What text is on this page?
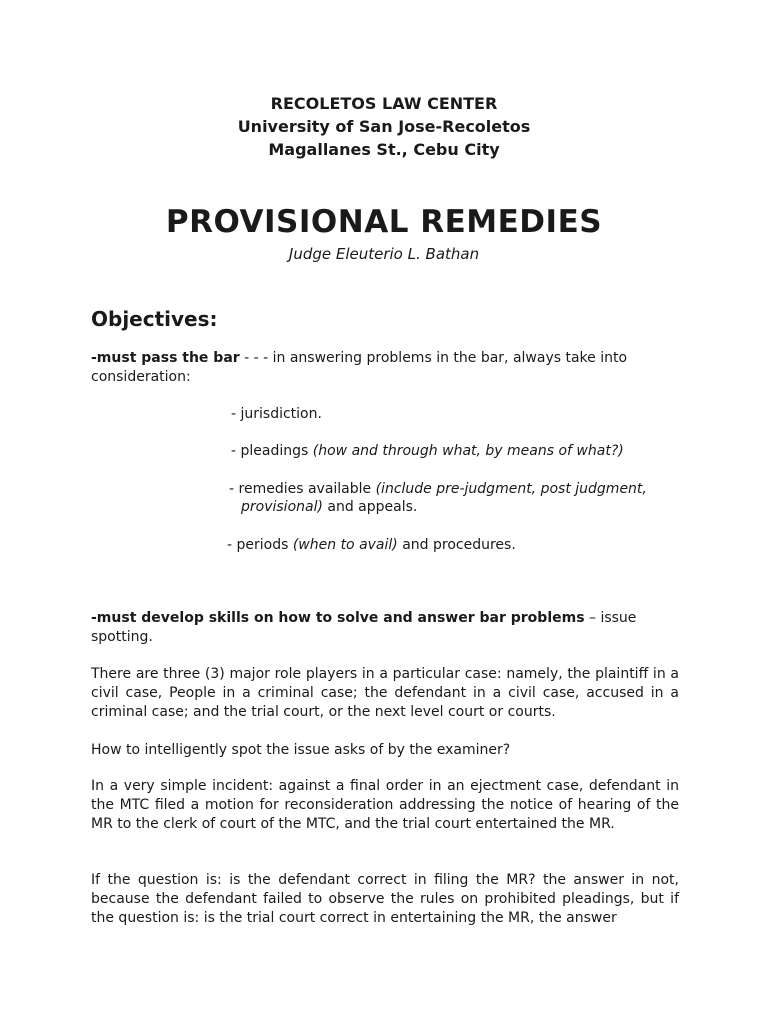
RECOLETOS LAW CENTER
University of San Jose-Recoletos
Magallanes St., Cebu City
PROVISIONAL REMEDIES
Judge Eleuterio L. Bathan
Objectives:
-must pass the bar - - - in answering problems in the bar, always take into consideration:
- jurisdiction.
- pleadings (how and through what, by means of what?)
- remedies available (include pre-judgment, post judgment,
provisional) and appeals.
- periods (when to avail) and procedures.
-must develop skills on how to solve and answer bar problems – issue spotting.
There are three (3) major role players in a particular case: namely, the plaintiff in a civil case, People in a criminal case; the defendant in a civil case, accused in a criminal case; and the trial court, or the next level court or courts.
How to intelligently spot the issue asks of by the examiner?
In a very simple incident: against a final order in an ejectment case, defendant in the MTC filed a motion for reconsideration addressing the notice of hearing of the MR to the clerk of court of the MTC, and the trial court entertained the MR.
If the question is: is the defendant correct in filing the MR? the answer in not, because the defendant failed to observe the rules on prohibited pleadings, but if the question is: is the trial court correct in entertaining the MR, the answer
